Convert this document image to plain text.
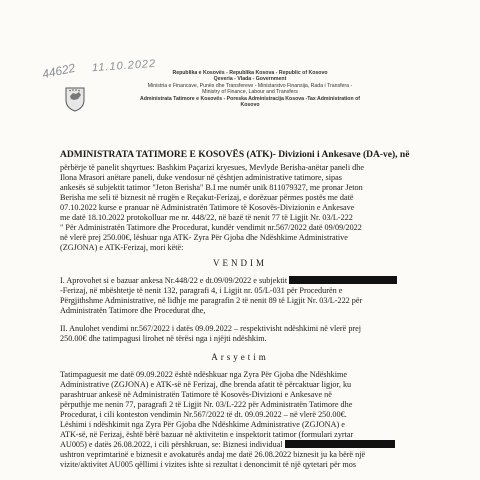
44622 11.10.2022	Republika e Kosovës - Republika Kosova - Republic of Kosovo
Qeveria - Vlada - Government
Ministria e Financave, Punës dhe Transfereve - Ministarstvo Finansija, Rada i Transfera -
Ministry of Finance, Labour and Transfers
Administrata Tatimore e Kosovës - Poreska Administracija Kosova -Tax Administration of Kosovo
ADMINISTRATA TATIMORE E KOSOVËS (ATK)- Divizioni i Ankesave (DA-ve), në

përbërje të panelit shqyrtues: Bashkim Paçarizi kryesues, Mevlyde Berisha-anëtar paneli dhe

Ilona Mrasori anëtare paneli, duke vendosur në çështjen administrative tatimore, sipas

ankesës së subjektit tatimor "Jeton Berisha" B.I me numër unik 811079327, me pronar Jeton

Berisha me seli të biznesit në rrugën e Reçakut-Ferizaj, e dorëzuar përmes postës me datë

07.10.2022 kurse e pranuar në Administratën Tatimore të Kosovës-Divizionin e Ankesave

me datë 18.10.2022 protokolluar me nr. 448/22, në bazë të nenit 77 të Ligjit Nr. 03/L-222

" Për Administratën Tatimore dhe Procedurat, kundër vendimit nr.567/2022 datë 09/09/2022

në vlerë prej 250.00€, lëshuar nga ATK- Zyra Për Gjoba dhe Ndëshkime Administrative

(ZGJONA) e ATK-Ferizaj, mori këtë:

VENDIM

I. Aprovohet si e bazuar ankesa Nr.448/22 e dt.09/09/2022 e subjektit

-Ferizaj, në mbështetje të nenit 132, paragrafi 4, i Ligjit nr. 05/L-031 për Procedurën e

Përgjithshme Administrative, në lidhje me paragrafin 2 të nenit 89 të Ligjit Nr. 03/L-222 për

Administratën Tatimore dhe Procedurat dhe,

II. Anulohet vendimi nr.567/2022 i datës 09.09.2022 – respektivisht ndëshkimi në vlerë prej

250.00€ dhe tatimpagusi lirohet në tërësi nga i njëjti ndëshkim.

Arsyetim

Tatimpaguesit me datë 09.09.2022 është ndëshkuar nga Zyra Për Gjoba dhe Ndëshkime

Administrative (ZGJONA) e ATK-së në Ferizaj, dhe brenda afatit të përcaktuar ligjor, ku

parashtruar ankesë në Administratën Tatimore të Kosovës-Divizioni e Ankesave në

përputhje me nenin 77, paragrafi 2 të Ligjit Nr. 03/L-222 për Administratën Tatimore dhe

Procedurat, i cili konteston vendimin Nr.567/2022 të dt. 09.09.2022 – në vlerë 250.00€.

Lëshimi i ndëshkimit nga Zyra Për Gjoba dhe Ndëshkime Administrative (ZGJONA) e

ATK-së, në Ferizaj, është bërë bazuar në aktivitetin e inspektorit tatimor (formulari zyrtar

AU005) e datës 26.08.2022, i cili përshkruan, se: Biznesi individual

ushtron veprimtarinë e biznesit e avokaturës andaj me datë 26.08.2022 biznesit ju ka bërë një

vizite/aktivitet AU005 qëllimi i vizites ishte si rezultat i denoncimit të një qytetari për mos
